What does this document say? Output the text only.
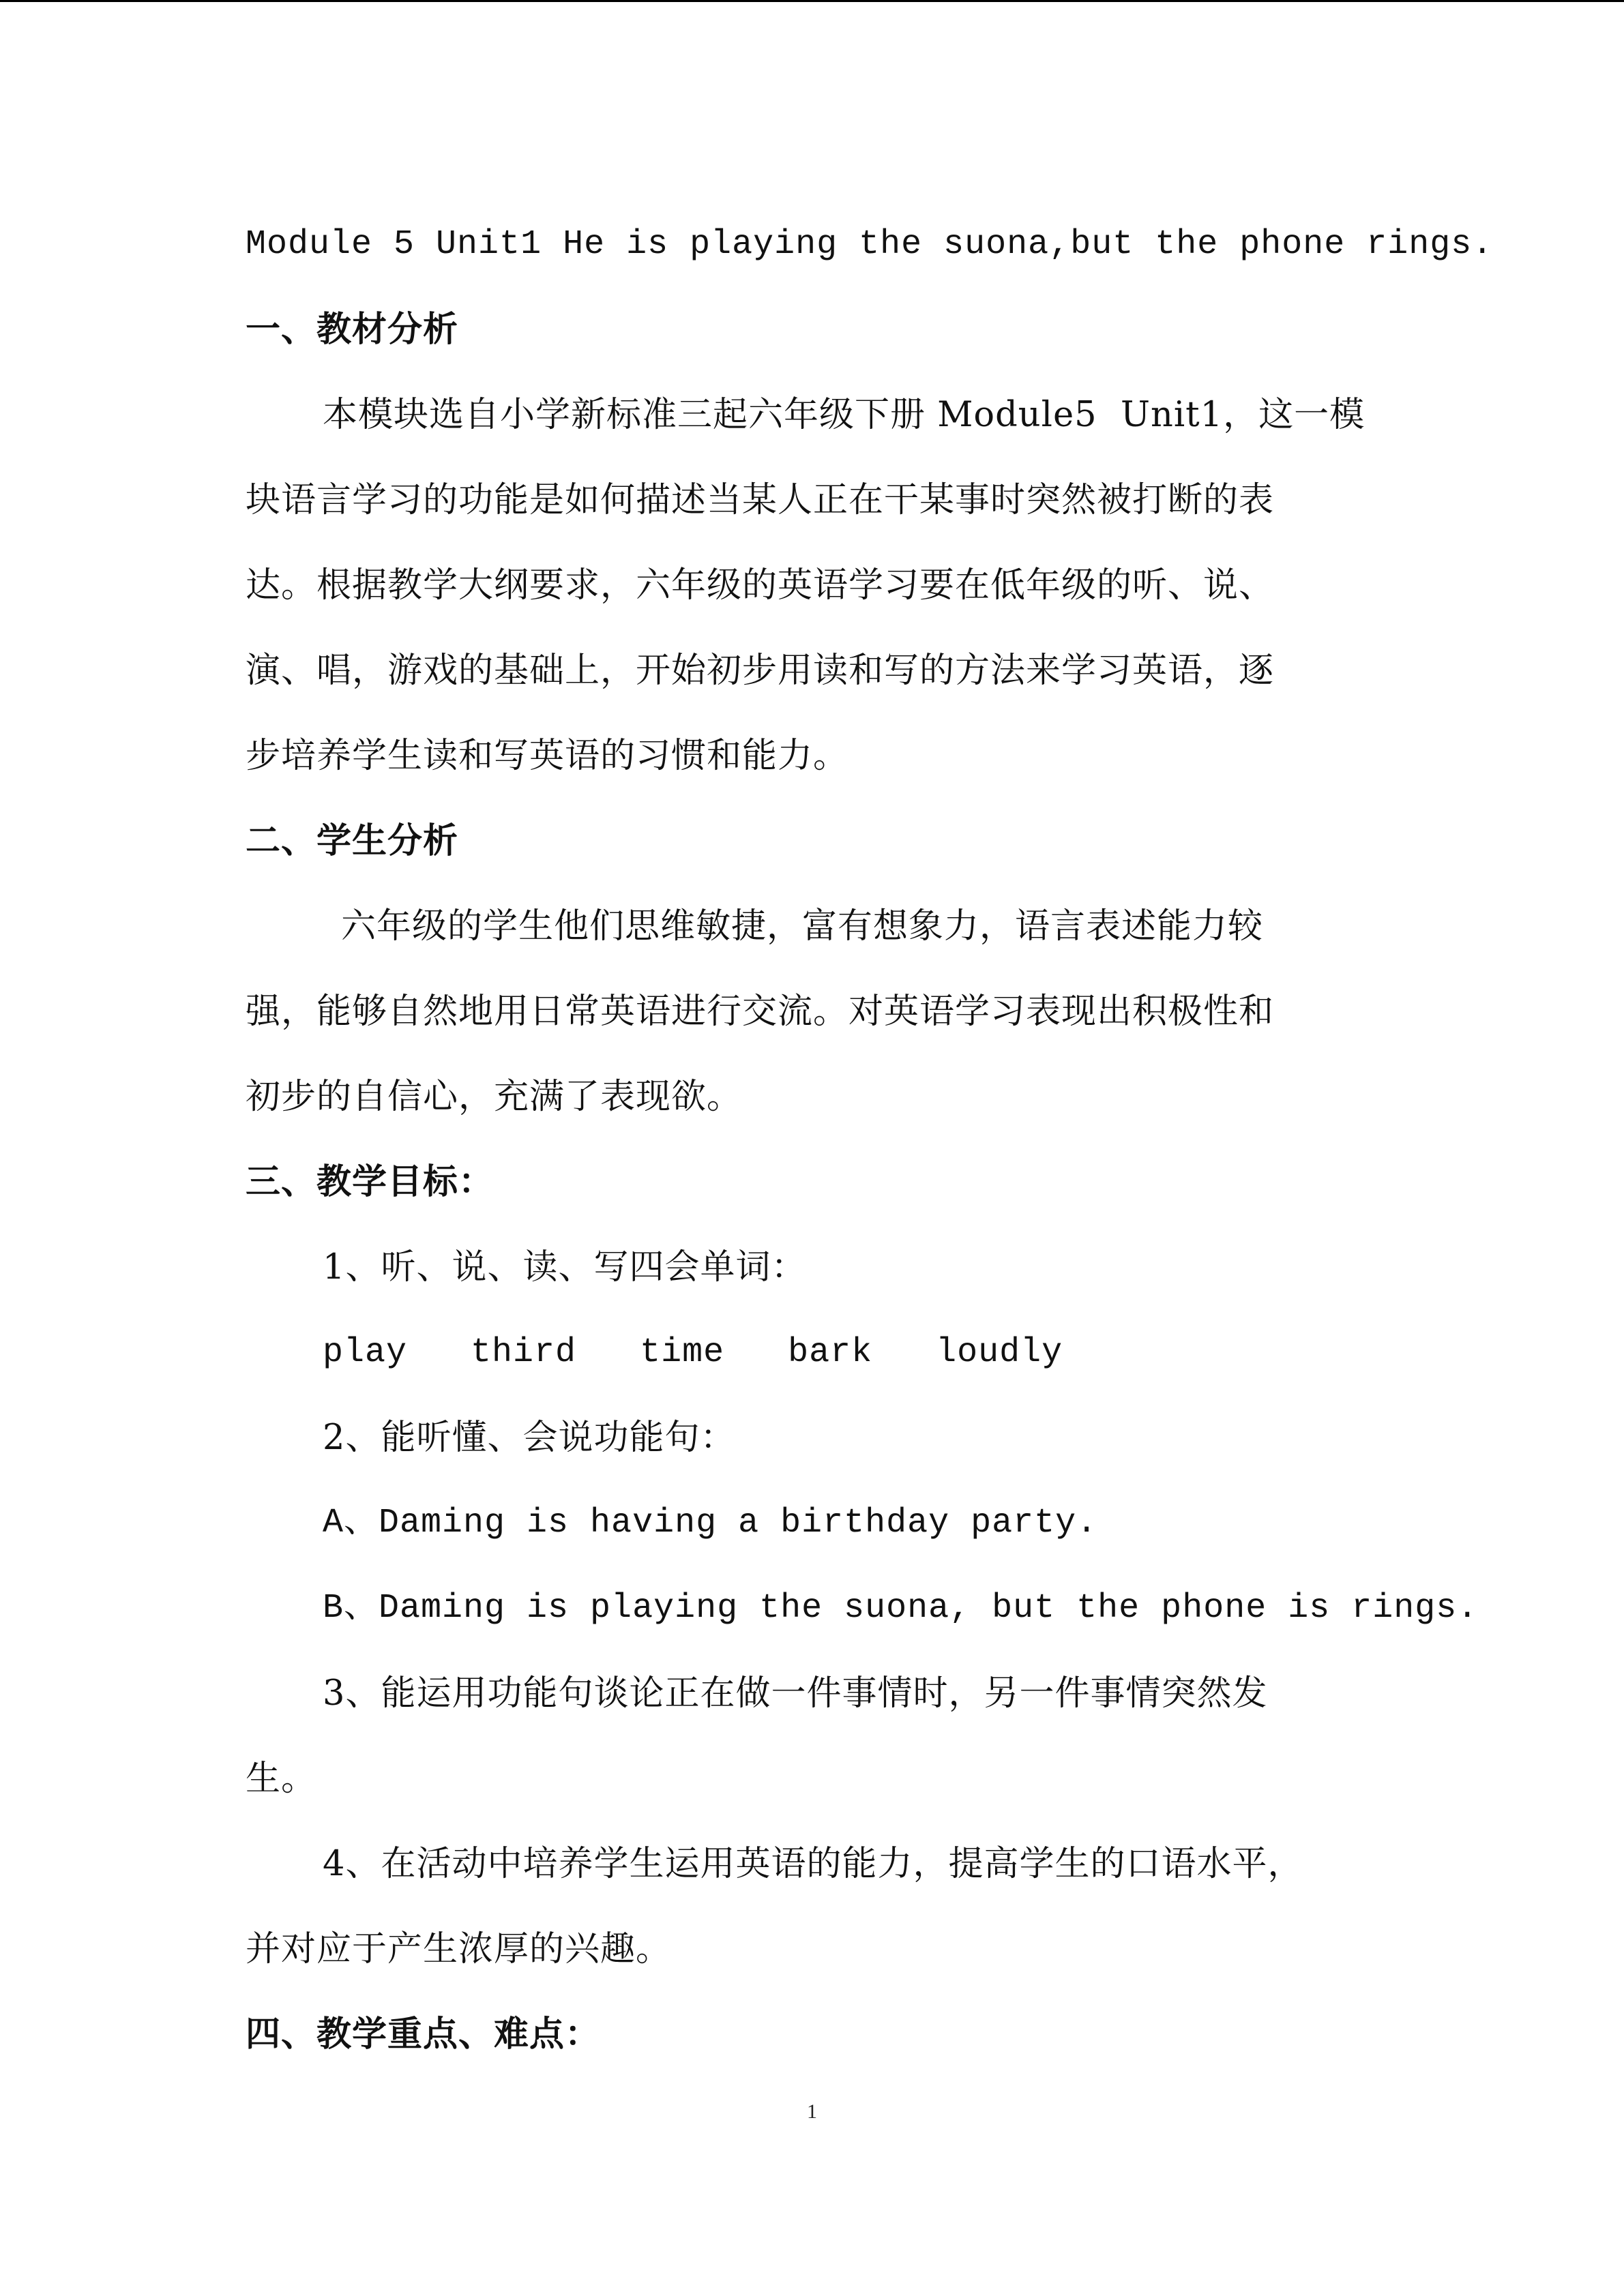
Module 5 Unit1 He is playing the suona,but the phone rings.
一、教材分析
本模块选自小学新标准三起六年级下册 Module5  Unit1，这一模
块语言学习的功能是如何描述当某人正在干某事时突然被打断的表
达。根据教学大纲要求，六年级的英语学习要在低年级的听、说、
演、唱，游戏的基础上，开始初步用读和写的方法来学习英语，逐
步培养学生读和写英语的习惯和能力。
二、学生分析
六年级的学生他们思维敏捷，富有想象力，语言表述能力较
强，能够自然地用日常英语进行交流。对英语学习表现出积极性和
初步的自信心，充满了表现欲。
三、教学目标：
1、听、说、读、写四会单词：
play   third   time   bark   loudly
2、能听懂、会说功能句：
A、Daming is having a birthday party.
B、Daming is playing the suona, but the phone is rings.
3、能运用功能句谈论正在做一件事情时，另一件事情突然发
生。
4、在活动中培养学生运用英语的能力，提高学生的口语水平，
并对应于产生浓厚的兴趣。
四、教学重点、难点：
1
